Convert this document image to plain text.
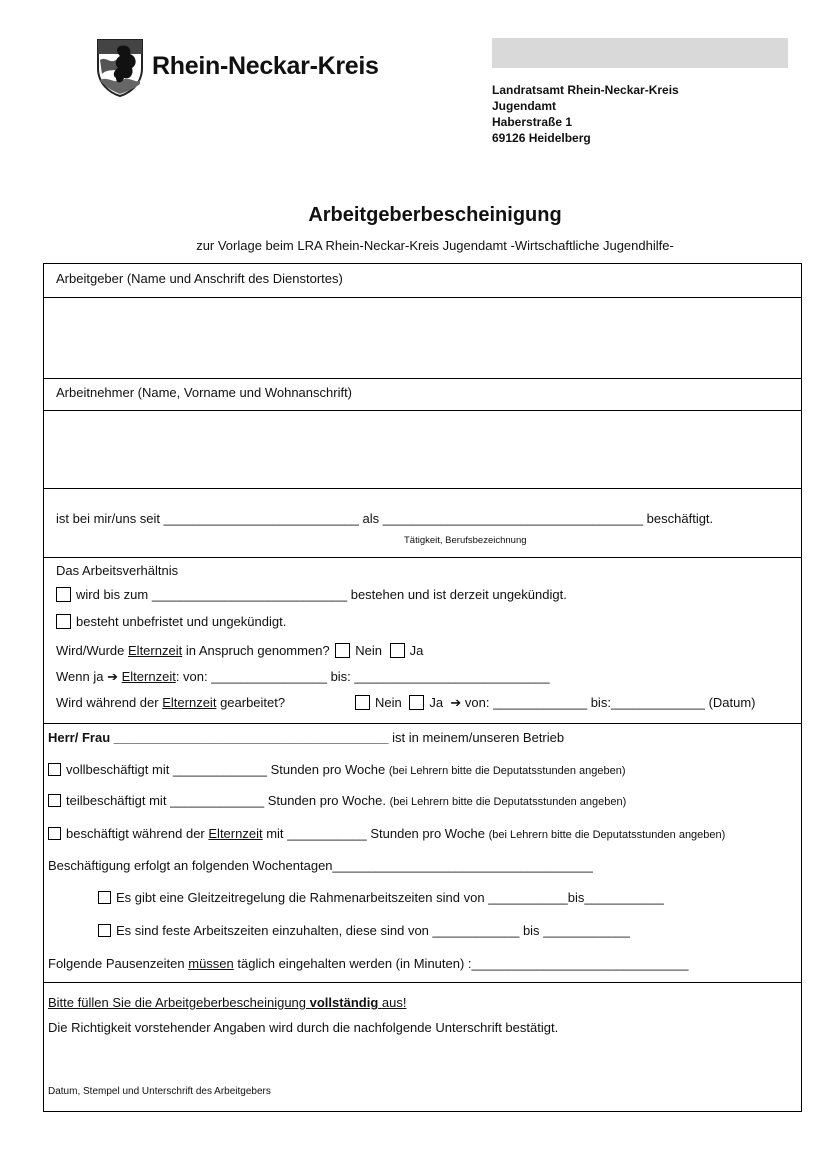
Rhein-Neckar-Kreis
Landratsamt Rhein-Neckar-Kreis
Jugendamt
Haberstraße 1
69126 Heidelberg
Arbeitgeberbescheinigung
zur Vorlage beim LRA Rhein-Neckar-Kreis Jugendamt -Wirtschaftliche Jugendhilfe-
Arbeitgeber (Name und Anschrift des Dienstortes)
Arbeitnehmer (Name, Vorname und Wohnanschrift)
ist bei mir/uns seit ___________________________ als ____________________________________ beschäftigt.
Tätigkeit, Berufsbezeichnung
Das Arbeitsverhältnis
wird bis zum ___________________________ bestehen und ist derzeit ungekündigt.
besteht unbefristet und ungekündigt.
Wird/Wurde Elternzeit in Anspruch genommen? Nein Ja
Wenn ja ➔ Elternzeit: von: ________________ bis: ___________________________
Wird während der Elternzeit gearbeitet?	Nein Ja ➔ von: _____________ bis:_____________ (Datum)
Herr/ Frau ______________________________________ ist in meinem/unseren Betrieb
vollbeschäftigt mit _____________ Stunden pro Woche (bei Lehrern bitte die Deputatsstunden angeben)
teilbeschäftigt mit _____________ Stunden pro Woche. (bei Lehrern bitte die Deputatsstunden angeben)
beschäftigt während der Elternzeit mit ___________ Stunden pro Woche (bei Lehrern bitte die Deputatsstunden angeben)
Beschäftigung erfolgt an folgenden Wochentagen____________________________________
Es gibt eine Gleitzeitregelung die Rahmenarbeitszeiten sind von ___________bis___________
Es sind feste Arbeitszeiten einzuhalten, diese sind von ____________ bis ____________
Folgende Pausenzeiten müssen täglich eingehalten werden (in Minuten) :______________________________
Bitte füllen Sie die Arbeitgeberbescheinigung vollständig aus!
Die Richtigkeit vorstehender Angaben wird durch die nachfolgende Unterschrift bestätigt.
Datum, Stempel und Unterschrift des Arbeitgebers
